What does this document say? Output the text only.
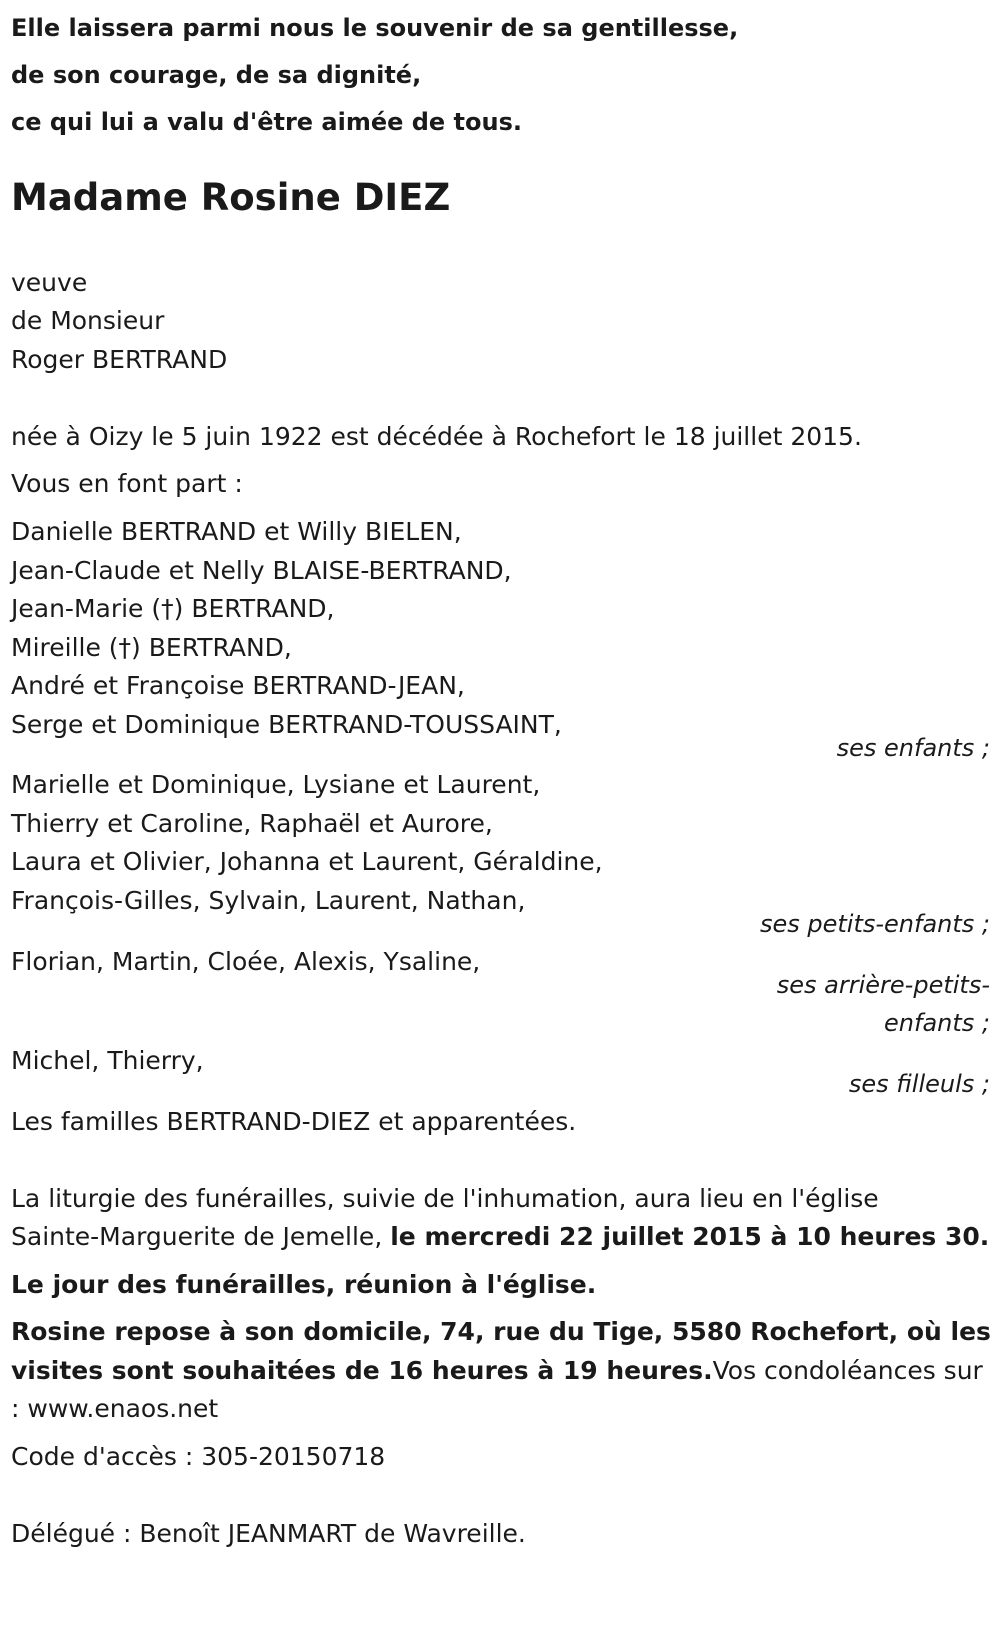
Elle laissera parmi nous le souvenir de sa gentillesse,
de son courage, de sa dignité,
ce qui lui a valu d'être aimée de tous.
Madame Rosine DIEZ
veuve
de Monsieur
Roger BERTRAND
née à Oizy le 5 juin 1922 est décédée à Rochefort le 18 juillet 2015.
Vous en font part :
Danielle BERTRAND et Willy BIELEN,
Jean-Claude et Nelly BLAISE-BERTRAND,
Jean-Marie (†) BERTRAND,
Mireille (†) BERTRAND,
André et Françoise BERTRAND-JEAN,
Serge et Dominique BERTRAND-TOUSSAINT,
ses enfants ;
Marielle et Dominique, Lysiane et Laurent,
Thierry et Caroline, Raphaël et Aurore,
Laura et Olivier, Johanna et Laurent, Géraldine,
François-Gilles, Sylvain, Laurent, Nathan,
ses petits-enfants ;
Florian, Martin, Cloée, Alexis, Ysaline,
ses arrière-petits-
enfants ;
Michel, Thierry,
ses filleuls ;
Les familles BERTRAND-DIEZ et apparentées.
La liturgie des funérailles, suivie de l'inhumation, aura lieu en l'église
Sainte-Marguerite de Jemelle, le mercredi 22 juillet 2015 à 10 heures 30.
Le jour des funérailles, réunion à l'église.
Rosine repose à son domicile, 74, rue du Tige, 5580 Rochefort, où les
visites sont souhaitées de 16 heures à 19 heures.Vos condoléances sur
: www.enaos.net
Code d'accès : 305-20150718
Délégué : Benoît JEANMART de Wavreille.
